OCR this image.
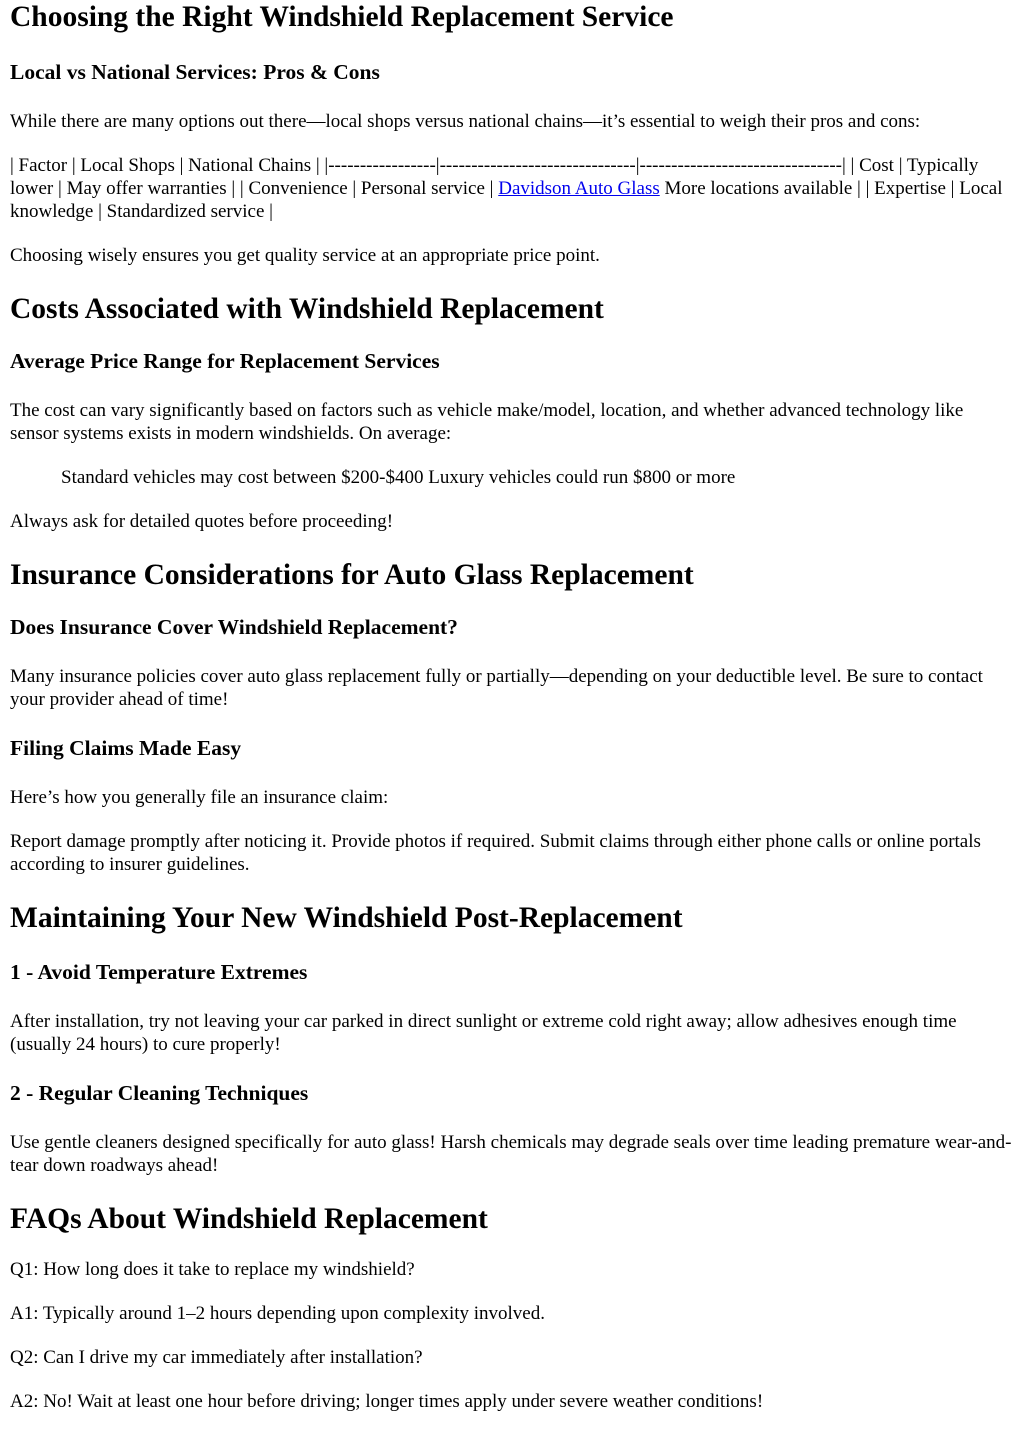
Choosing the Right Windshield Replacement Service
Local vs National Services: Pros & Cons

While there are many options out there—local shops versus national chains—it’s essential to weigh their pros and cons:

| Factor | Local Shops | National Chains | |-----------------|-------------------------------|--------------------------------| | Cost | Typically lower | May offer warranties | | Convenience | Personal service | Davidson Auto Glass More locations available | | Expertise | Local knowledge | Standardized service |

Choosing wisely ensures you get quality service at an appropriate price point.

Costs Associated with Windshield Replacement
Average Price Range for Replacement Services

The cost can vary significantly based on factors such as vehicle make/model, location, and whether advanced technology like sensor systems exists in modern windshields. On average:

Standard vehicles may cost between $200-$400 Luxury vehicles could run $800 or more

Always ask for detailed quotes before proceeding!

Insurance Considerations for Auto Glass Replacement
Does Insurance Cover Windshield Replacement?

Many insurance policies cover auto glass replacement fully or partially—depending on your deductible level. Be sure to contact your provider ahead of time!

Filing Claims Made Easy

Here’s how you generally file an insurance claim:

Report damage promptly after noticing it. Provide photos if required. Submit claims through either phone calls or online portals according to insurer guidelines.

Maintaining Your New Windshield Post-Replacement
1 - Avoid Temperature Extremes

After installation, try not leaving your car parked in direct sunlight or extreme cold right away; allow adhesives enough time (usually 24 hours) to cure properly!

2 - Regular Cleaning Techniques

Use gentle cleaners designed specifically for auto glass! Harsh chemicals may degrade seals over time leading premature wear-and-tear down roadways ahead!

FAQs About Windshield Replacement

Q1: How long does it take to replace my windshield?

A1: Typically around 1–2 hours depending upon complexity involved.

Q2: Can I drive my car immediately after installation?

A2: No! Wait at least one hour before driving; longer times apply under severe weather conditions!
